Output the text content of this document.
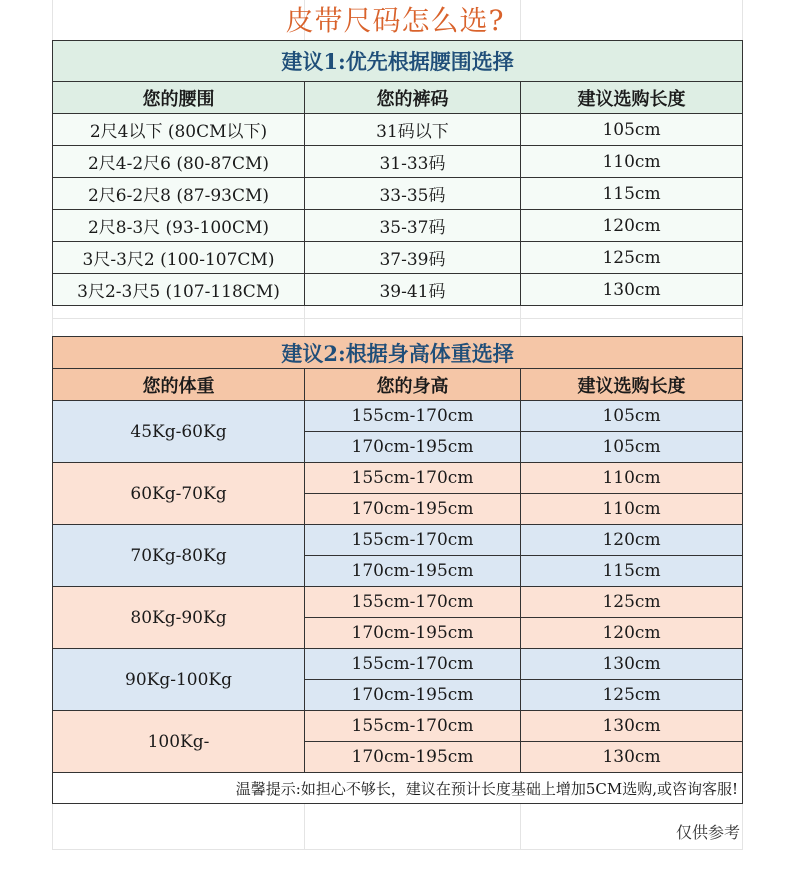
皮带尺码怎么选?
建议1:优先根据腰围选择		
您的腰围	您的裤码	建议选购长度
2尺4以下 (80CM以下)	31码以下	105cm
2尺4-2尺6 (80-87CM)	31-33码	110cm
2尺6-2尺8 (87-93CM)	33-35码	115cm
2尺8-3尺 (93-100CM)	35-37码	120cm
3尺-3尺2 (100-107CM)	37-39码	125cm
3尺2-3尺5 (107-118CM)	39-41码	130cm
建议2:根据身高体重选择		
您的体重	您的身高	建议选购长度
45Kg-60Kg	155cm-170cm	105cm
	170cm-195cm	105cm
60Kg-70Kg	155cm-170cm	110cm
	170cm-195cm	110cm
70Kg-80Kg	155cm-170cm	120cm
	170cm-195cm	115cm
80Kg-90Kg	155cm-170cm	125cm
	170cm-195cm	120cm
90Kg-100Kg	155cm-170cm	130cm
	170cm-195cm	125cm
100Kg-	155cm-170cm	130cm
	170cm-195cm	130cm
温馨提示:如担心不够长，建议在预计长度基础上增加5CM选购,或咨询客服!		
仅供参考
